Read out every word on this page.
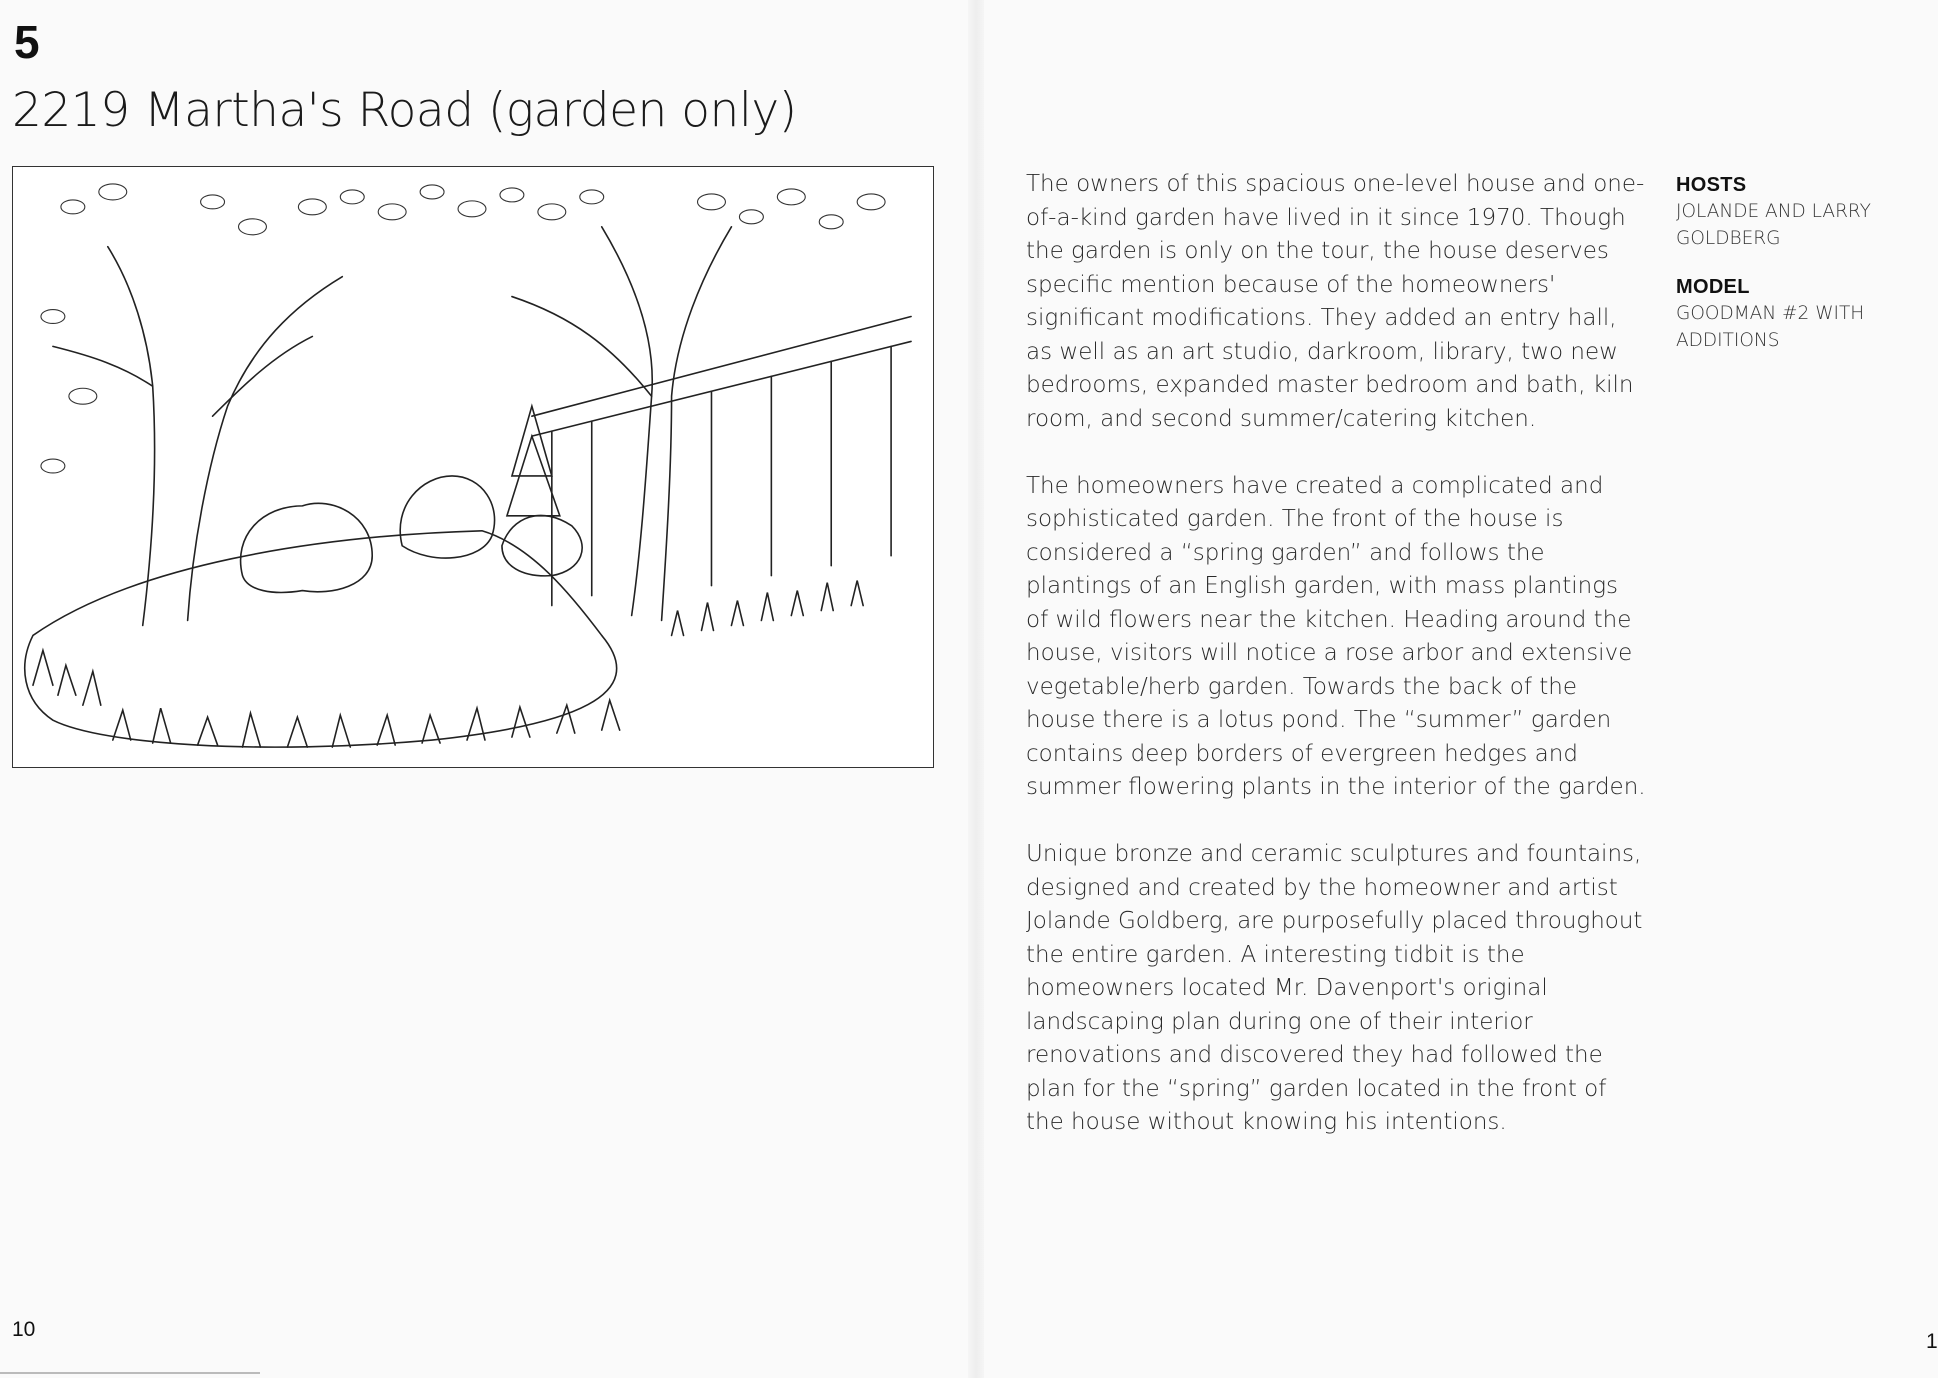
5
2219 Martha's Road (garden only)
10

The owners of this spacious one-level house and one-of-a-kind garden have lived in it since 1970. Though the garden is only on the tour, the house deserves specific mention because of the homeowners' significant modifications. They added an entry hall, as well as an art studio, darkroom, library, two new bedrooms, expanded master bedroom and bath, kiln room, and second summer/catering kitchen.

The homeowners have created a complicated and sophisticated garden. The front of the house is considered a “spring garden” and follows the plantings of an English garden, with mass plantings of wild flowers near the kitchen. Heading around the house, visitors will notice a rose arbor and extensive vegetable/herb garden. Towards the back of the house there is a lotus pond. The “summer” garden contains deep borders of evergreen hedges and summer flowering plants in the interior of the garden.

Unique bronze and ceramic sculptures and fountains, designed and created by the homeowner and artist Jolande Goldberg, are purposefully placed throughout the entire garden. A interesting tidbit is the homeowners located Mr. Davenport's original landscaping plan during one of their interior renovations and discovered they had followed the plan for the “spring” garden located in the front of the house without knowing his intentions.

HOSTS
JOLANDE AND LARRY GOLDBERG
MODEL
GOODMAN #2 WITH ADDITIONS
1
